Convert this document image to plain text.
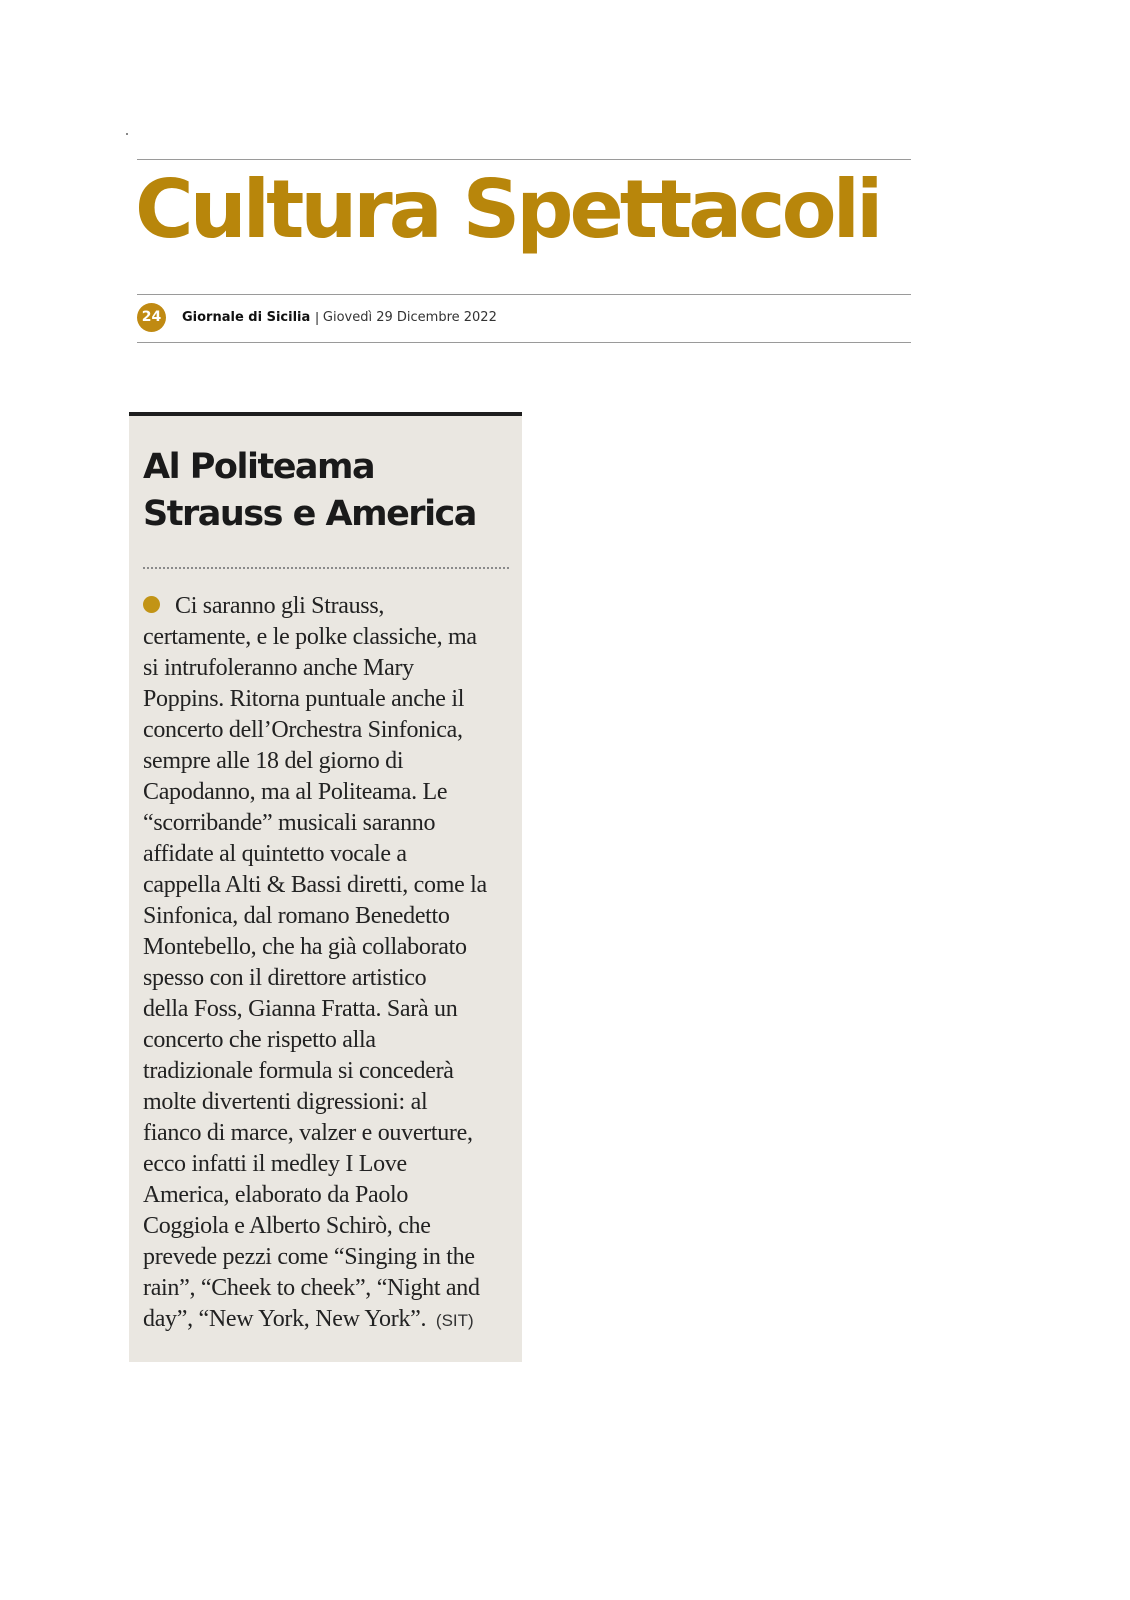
Cultura Spettacoli
24	Giornale di Sicilia | Giovedì 29 Dicembre 2022
Al Politeama
Strauss e America
Ci saranno gli Strauss,
certamente, e le polke classiche, ma
si intrufoleranno anche Mary
Poppins. Ritorna puntuale anche il
concerto dell’Orchestra Sinfonica,
sempre alle 18 del giorno di
Capodanno, ma al Politeama. Le
“scorribande” musicali saranno
affidate al quintetto vocale a
cappella Alti & Bassi diretti, come la
Sinfonica, dal romano Benedetto
Montebello, che ha già collaborato
spesso con il direttore artistico
della Foss, Gianna Fratta. Sarà un
concerto che rispetto alla
tradizionale formula si concederà
molte divertenti digressioni: al
fianco di marce, valzer e ouverture,
ecco infatti il medley I Love
America, elaborato da Paolo
Coggiola e Alberto Schirò, che
prevede pezzi come “Singing in the
rain”, “Cheek to cheek”, “Night and
day”, “New York, New York”. (SIT)
